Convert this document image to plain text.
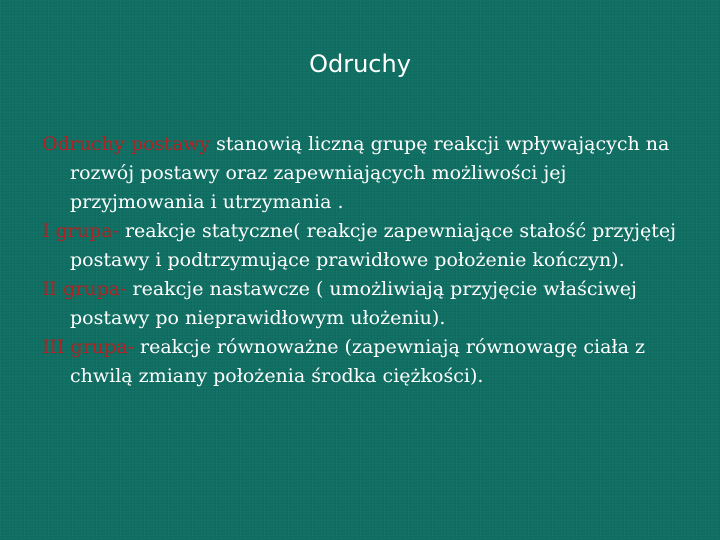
Odruchy

Odruchy postawy stanowią liczną grupę reakcji wpływających na rozwój postawy oraz zapewniających możliwości jej przyjmowania i utrzymania .

I grupa- reakcje statyczne( reakcje zapewniające stałość przyjętej postawy i podtrzymujące prawidłowe położenie kończyn).

II grupa- reakcje nastawcze ( umożliwiają przyjęcie właściwej postawy po nieprawidłowym ułożeniu).

III grupa- reakcje równoważne (zapewniają równowagę ciała z chwilą zmiany położenia środka ciężkości).
